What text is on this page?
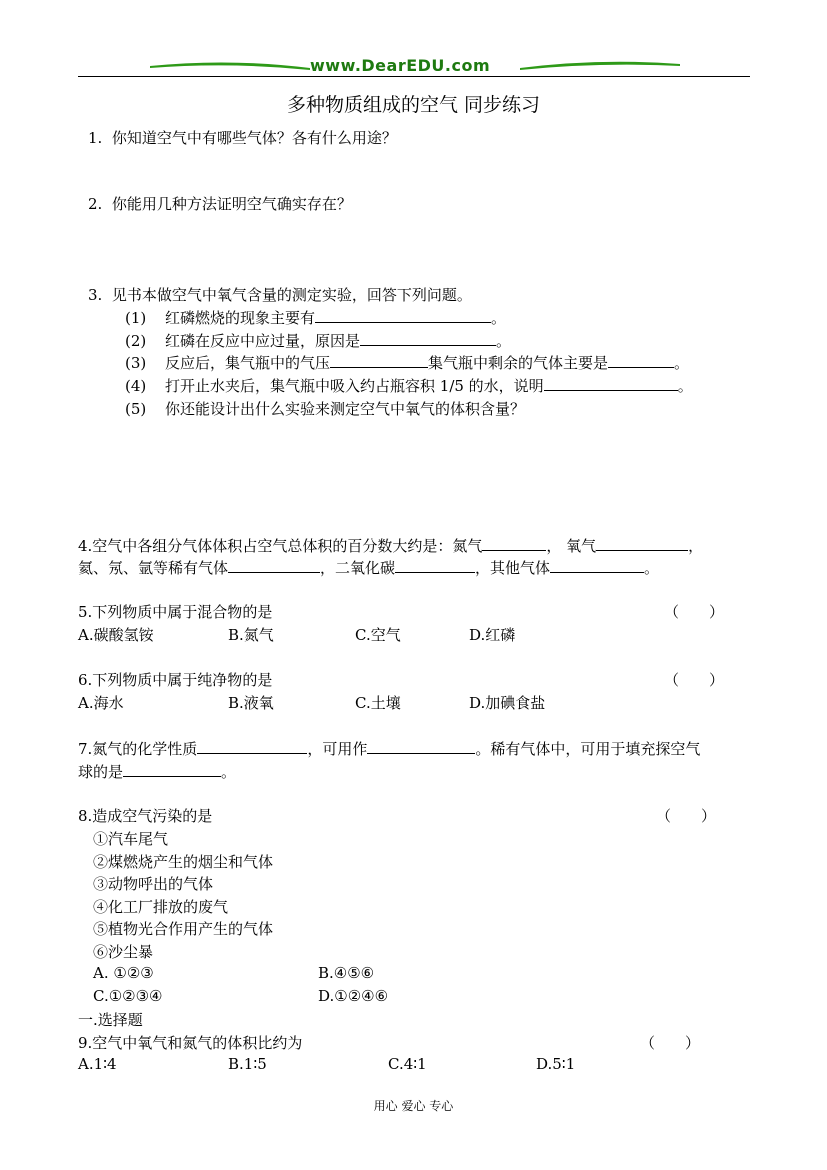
www.DearEDU.com
多种物质组成的空气 同步练习
1. 你知道空气中有哪些气体？各有什么用途？
2. 你能用几种方法证明空气确实存在？
3. 见书本做空气中氧气含量的测定实验，回答下列问题。
(1) 红磷燃烧的现象主要有	。
(2) 红磷在反应中应过量，原因是	。
(3) 反应后，集气瓶中的气压	集气瓶中剩余的气体主要是	。
(4) 打开止水夹后，集气瓶中吸入约占瓶容积 1/5 的水，说明	。
(5) 你还能设计出什么实验来测定空气中氧气的体积含量？
4.空气中各组分气体体积占空气总体积的百分数大约是：氮气	， 氧气	，
氦、氖、氩等稀有气体	，二氧化碳	，其他气体	。
5.下列物质中属于混合物的是	（　　）
A.碳酸氢铵	B.氮气	C.空气	D.红磷
6.下列物质中属于纯净物的是	（　　）
A.海水	B.液氧	C.土壤	D.加碘食盐
7.氮气的化学性质	，可用作	。稀有气体中，可用于填充探空气
球的是	。
8.造成空气污染的是	（　　）
①汽车尾气
②煤燃烧产生的烟尘和气体
③动物呼出的气体
④化工厂排放的废气
⑤植物光合作用产生的气体
⑥沙尘暴
A. ①②③	B.④⑤⑥
C.①②③④	D.①②④⑥
一.选择题
9.空气中氧气和氮气的体积比约为	（　　）
A.1∶4	B.1∶5	C.4∶1	D.5∶1
用心 爱心 专心
